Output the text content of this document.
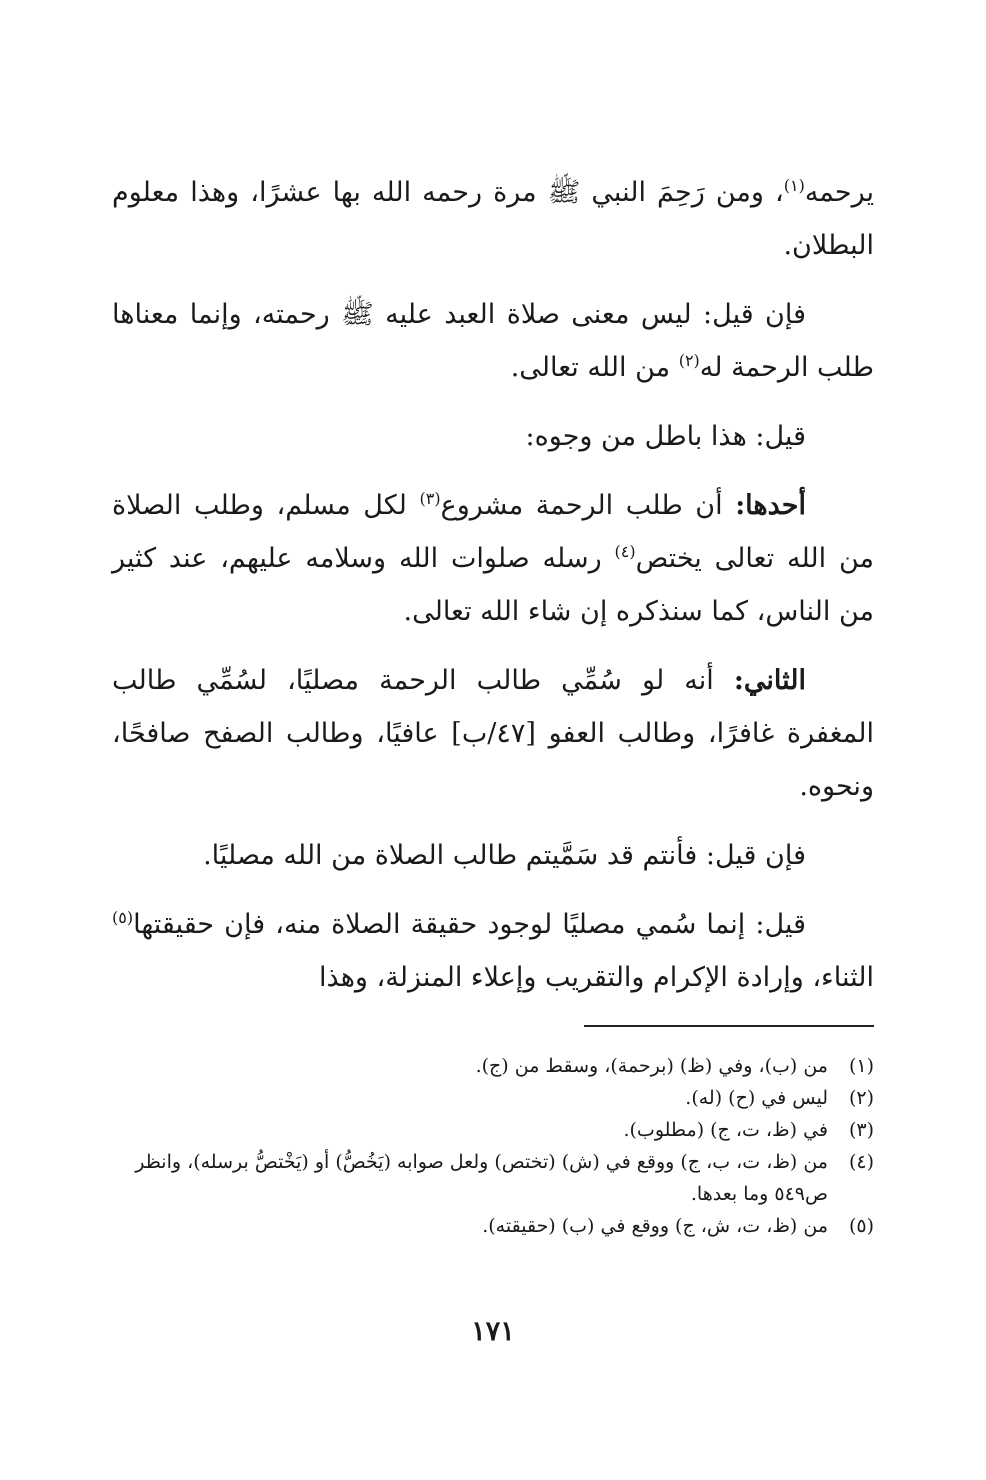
يرحمه$^{(١)}$، ومن رَحِمَ النبي ﷺ مرة رحمه الله بها عشرًا، وهذا معلوم البطلان.

فإن قيل: ليس معنى صلاة العبد عليه ﷺ رحمته، وإنما معناها طلب الرحمة له$^{(٢)}$ من الله تعالى.

قيل: هذا باطل من وجوه:

أحدها: أن طلب الرحمة مشروع$^{(٣)}$ لكل مسلم، وطلب الصلاة من الله تعالى يختص$^{(٤)}$ رسله صلوات الله وسلامه عليهم، عند كثير من الناس، كما سنذكره إن شاء الله تعالى.

الثاني: أنه لو سُمِّي طالب الرحمة مصليًا، لسُمِّي طالب المغفرة غافرًا، وطالب العفو [٤٧/ب] عافيًا، وطالب الصفح صافحًا، ونحوه.

فإن قيل: فأنتم قد سَمَّيتم طالب الصلاة من الله مصليًا.

قيل: إنما سُمي مصليًا لوجود حقيقة الصلاة منه، فإن حقيقتها$^{(٥)}$ الثناء، وإرادة الإكرام والتقريب وإعلاء المنزلة، وهذا

(١)
من (ب)، وفي (ظ) (برحمة)، وسقط من (ج).
(٢)
ليس في (ح) (له).
(٣)
في (ظ، ت، ج) (مطلوب).
(٤)
من (ظ، ت، ب، ج) ووقع في (ش) (تختص) ولعل صوابه (يَخُصُّ) أو (يَخْتصُّ برسله)، وانظر ص٥٤٩ وما بعدها.
(٥)
من (ظ، ت، ش، ج) ووقع في (ب) (حقيقته).
١٧١
